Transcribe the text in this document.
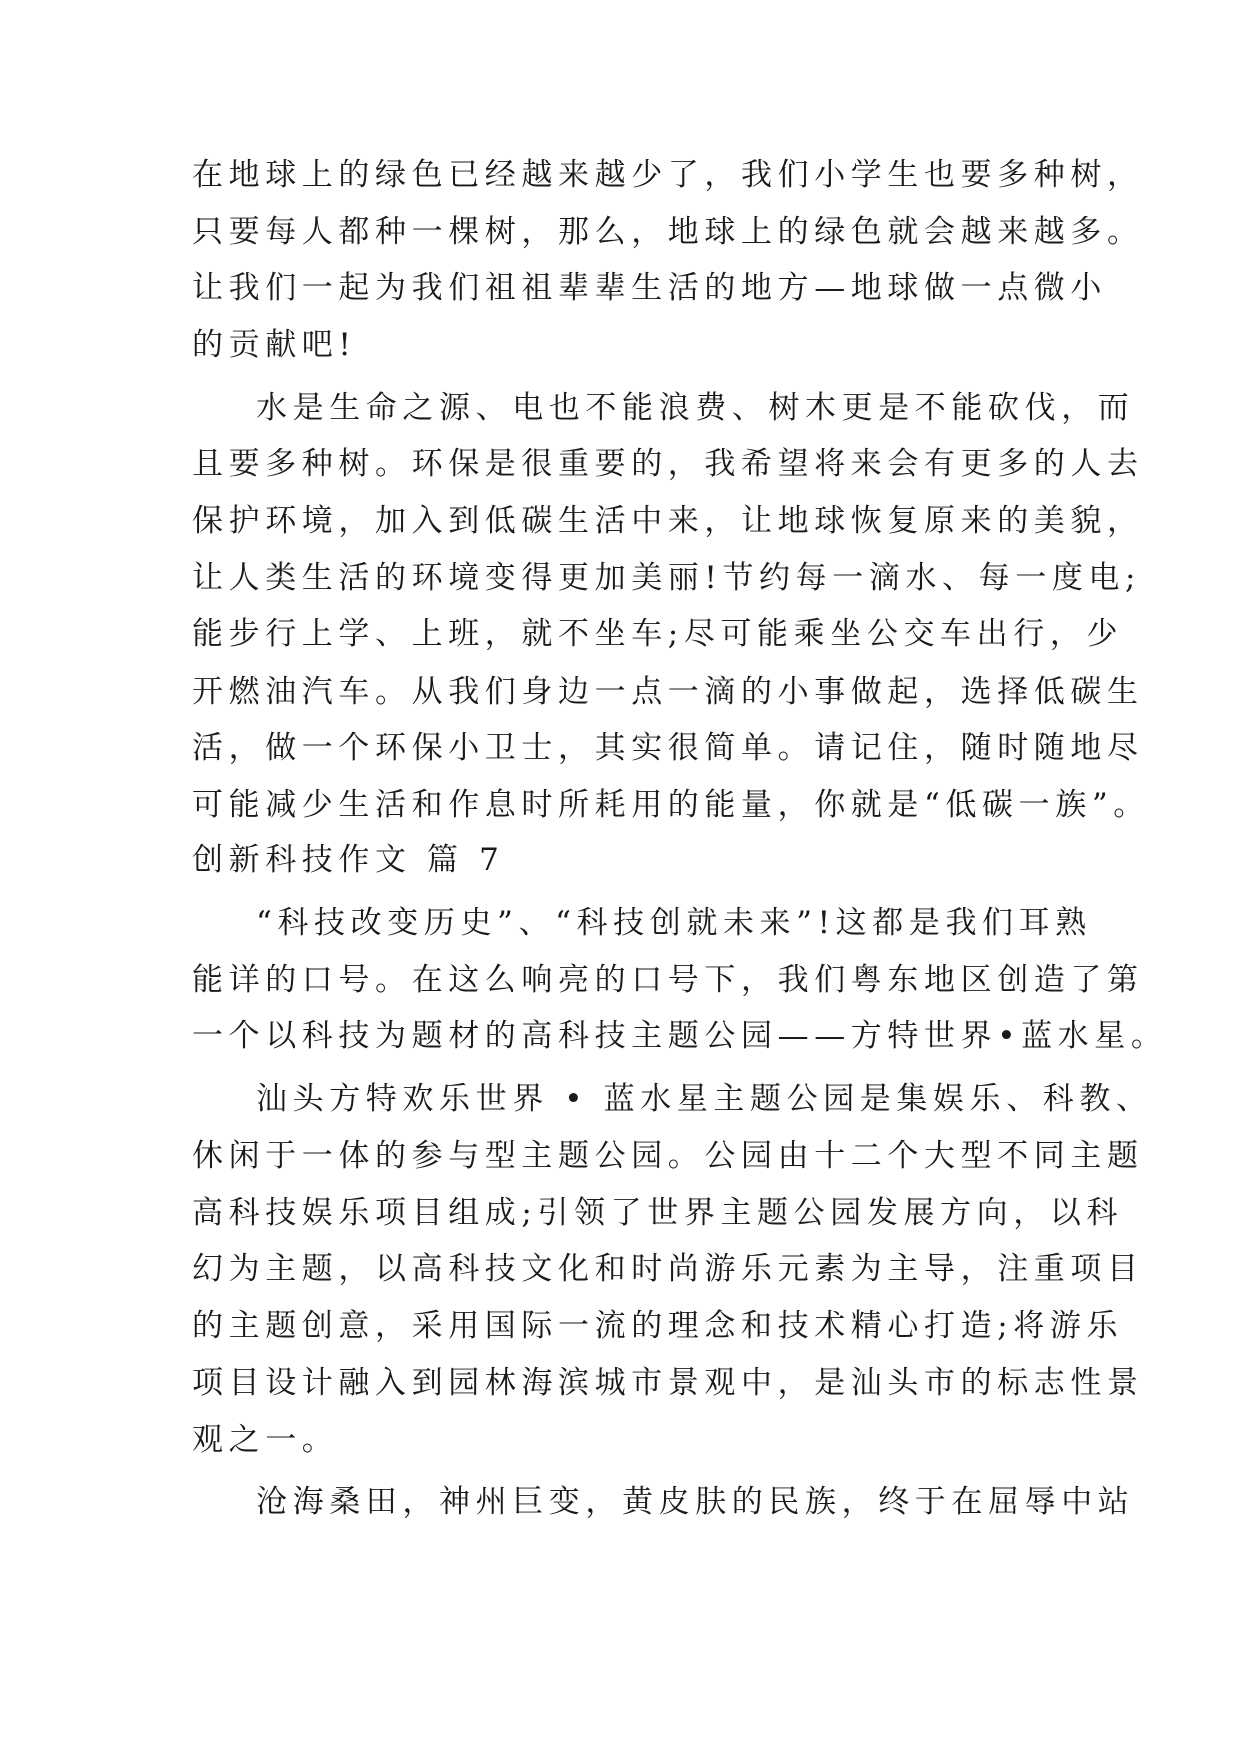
在地球上的绿色已经越来越少了，我们小学生也要多种树，
只要每人都种一棵树，那么，地球上的绿色就会越来越多。
让我们一起为我们祖祖辈辈生活的地方—地球做一点微小
的贡献吧!
水是生命之源、电也不能浪费、树木更是不能砍伐，而
且要多种树。环保是很重要的，我希望将来会有更多的人去
保护环境，加入到低碳生活中来，让地球恢复原来的美貌，
让人类生活的环境变得更加美丽!节约每一滴水、每一度电;
能步行上学、上班，就不坐车;尽可能乘坐公交车出行，少
开燃油汽车。从我们身边一点一滴的小事做起，选择低碳生
活，做一个环保小卫士，其实很简单。请记住，随时随地尽
可能减少生活和作息时所耗用的能量，你就是“低碳一族”。
创新科技作文 篇 7
“科技改变历史”、“科技创就未来”!这都是我们耳熟
能详的口号。在这么响亮的口号下，我们粤东地区创造了第
一个以科技为题材的高科技主题公园——方特世界•蓝水星。
汕头方特欢乐世界 • 蓝水星主题公园是集娱乐、科教、
休闲于一体的参与型主题公园。公园由十二个大型不同主题
高科技娱乐项目组成;引领了世界主题公园发展方向，以科
幻为主题，以高科技文化和时尚游乐元素为主导，注重项目
的主题创意，采用国际一流的理念和技术精心打造;将游乐
项目设计融入到园林海滨城市景观中，是汕头市的标志性景
观之一。
沧海桑田，神州巨变，黄皮肤的民族，终于在屈辱中站
